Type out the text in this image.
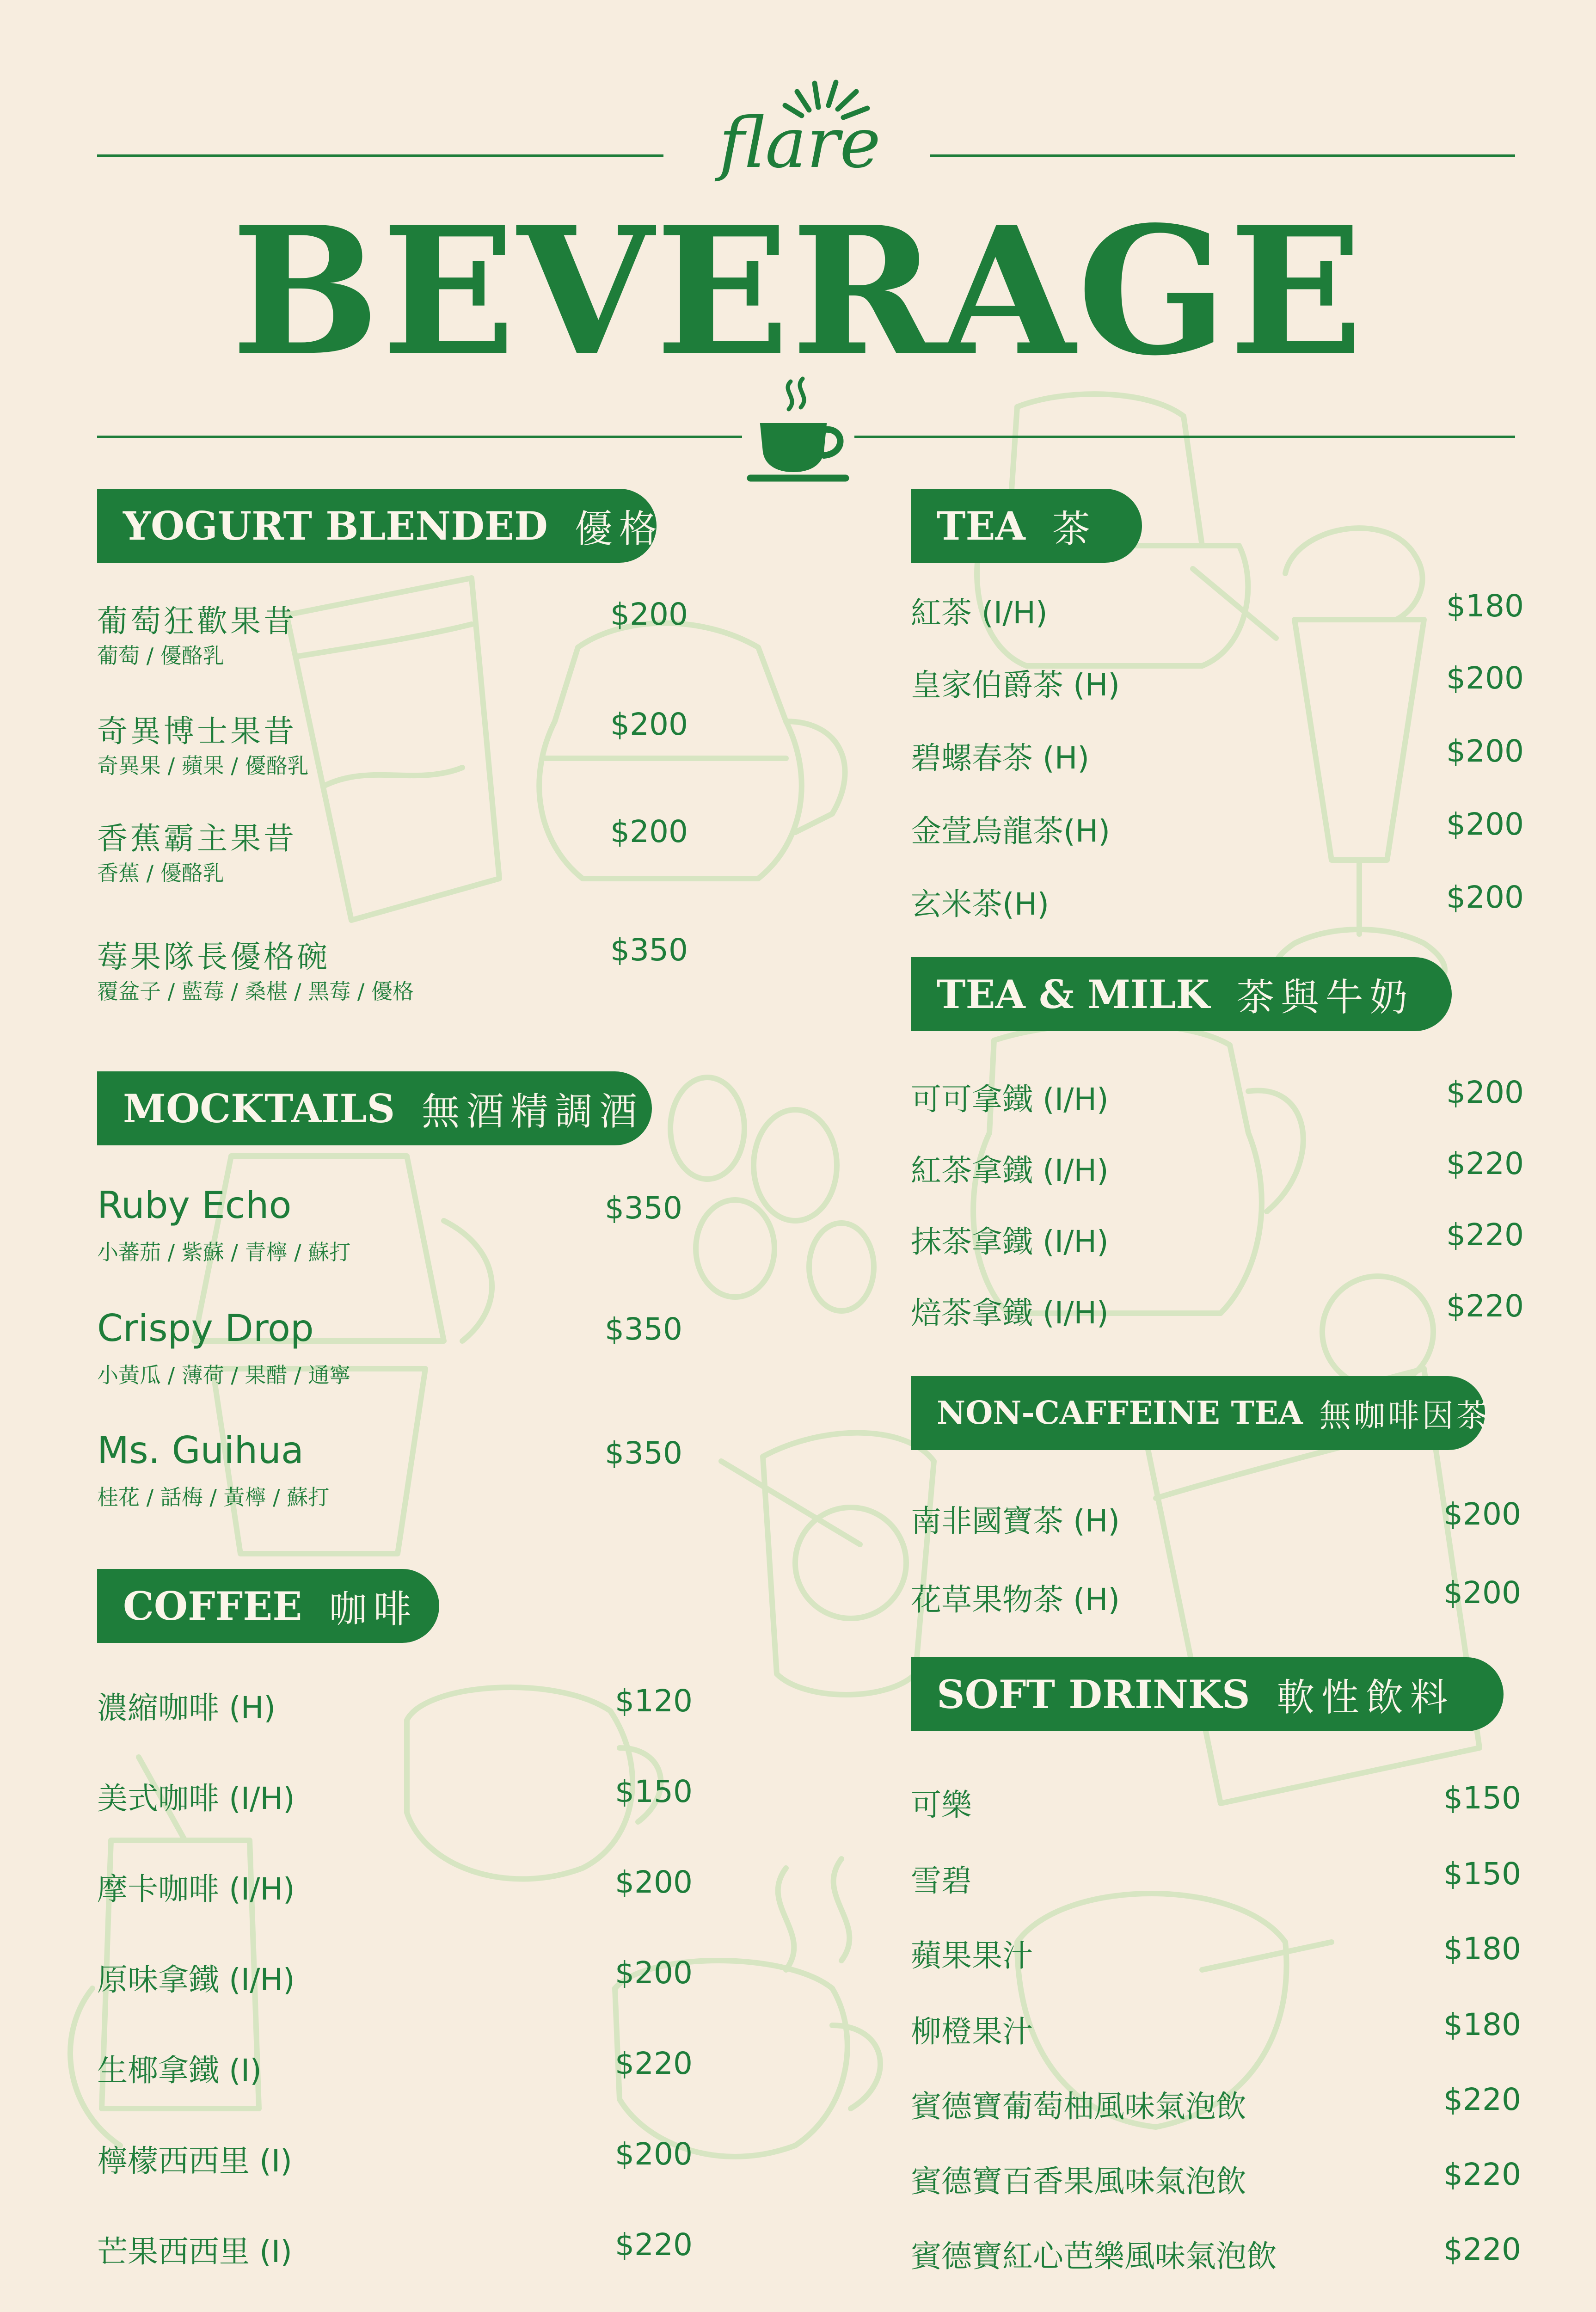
flare
BEVERAGE
YOGURT BLENDED 優格
葡萄狂歡果昔	$200
葡萄 / 優酪乳
奇異博士果昔	$200
奇異果 / 蘋果 / 優酪乳
香蕉霸主果昔	$200
香蕉 / 優酪乳
莓果隊長優格碗	$350
覆盆子 / 藍莓 / 桑椹 / 黑莓 / 優格
MOCKTAILS 無酒精調酒
Ruby Echo	$350
小蕃茄 / 紫蘇 / 青檸 / 蘇打
Crispy Drop	$350
小黃瓜 / 薄荷 / 果醋 / 通寧
Ms. Guihua	$350
桂花 / 話梅 / 黃檸 / 蘇打
COFFEE 咖啡
濃縮咖啡 (H)	$120
美式咖啡 (I/H)	$150
摩卡咖啡 (I/H)	$200
原味拿鐵 (I/H)	$200
生椰拿鐵 (I)	$220
檸檬西西里 (I)	$200
芒果西西里 (I)	$220
TEA 茶
紅茶 (I/H)	$180
皇家伯爵茶 (H)	$200
碧螺春茶 (H)	$200
金萱烏龍茶(H)	$200
玄米茶(H)	$200
TEA & MILK 茶與牛奶
可可拿鐵 (I/H)	$200
紅茶拿鐵 (I/H)	$220
抹茶拿鐵 (I/H)	$220
焙茶拿鐵 (I/H)	$220
NON-CAFFEINE TEA 無咖啡因茶
南非國寶茶 (H)	$200
花草果物茶 (H)	$200
SOFT DRINKS 軟性飲料
可樂	$150
雪碧	$150
蘋果果汁	$180
柳橙果汁	$180
賓德寶葡萄柚風味氣泡飲	$220
賓德寶百香果風味氣泡飲	$220
賓德寶紅心芭樂風味氣泡飲	$220
